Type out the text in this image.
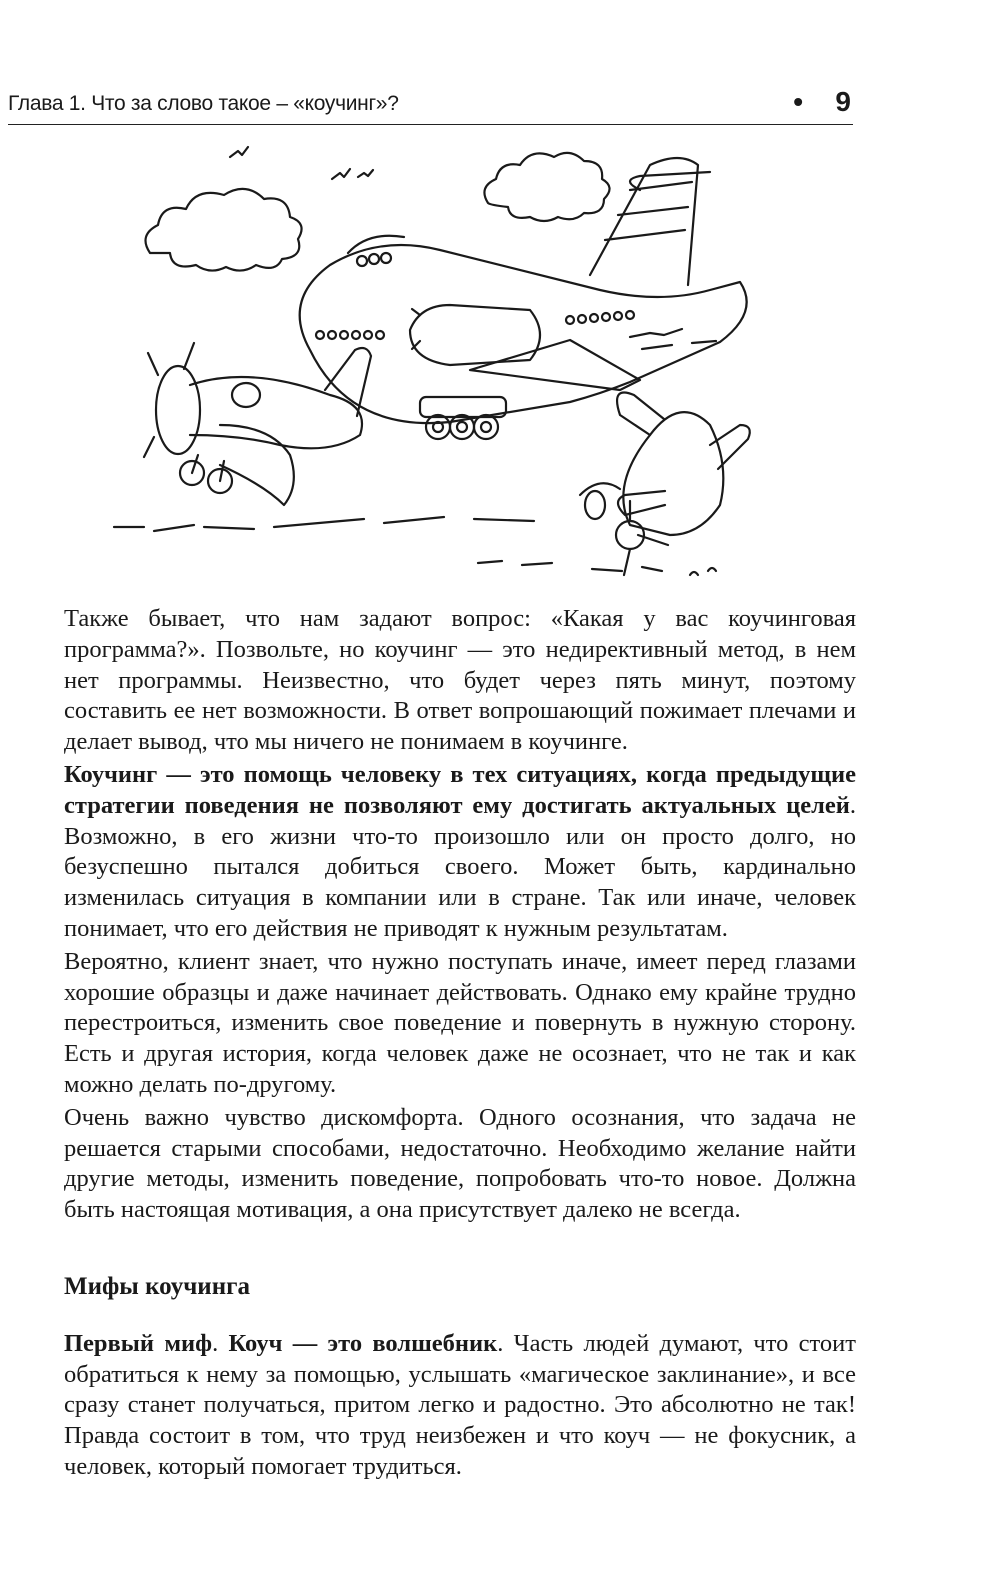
Глава 1. Что за слово такое – «коучинг»?	• 9

Также бывает, что нам задают вопрос: «Какая у вас коучинговая программа?». Позвольте, но коучинг — это недирективный метод, в нем нет программы. Неизвестно, что будет через пять минут, поэтому составить ее нет возможности. В ответ вопрошающий пожимает плечами и делает вывод, что мы ничего не понимаем в коучинге.

Коучинг — это помощь человеку в тех ситуациях, когда предыдущие стратегии поведения не позволяют ему достигать актуальных целей. Возможно, в его жизни что-то произошло или он просто долго, но безуспешно пытался добиться своего. Может быть, кардинально изменилась ситуация в компании или в стране. Так или иначе, человек понимает, что его действия не приводят к нужным результатам.

Вероятно, клиент знает, что нужно поступать иначе, имеет перед глазами хорошие образцы и даже начинает действовать. Однако ему крайне трудно перестроиться, изменить свое поведение и повернуть в нужную сторону. Есть и другая история, когда человек даже не осознает, что не так и как можно делать по-другому.

Очень важно чувство дискомфорта. Одного осознания, что задача не решается старыми способами, недостаточно. Необходимо желание найти другие методы, изменить поведение, попробовать что-то новое. Должна быть настоящая мотивация, а она присутствует далеко не всегда.

Мифы коучинга

Первый миф. Коуч — это волшебник. Часть людей думают, что стоит обратиться к нему за помощью, услышать «магическое заклинание», и все сразу станет получаться, притом легко и радостно. Это абсолютно не так! Правда состоит в том, что труд неизбежен и что коуч — не фокусник, а человек, который помогает трудиться.
